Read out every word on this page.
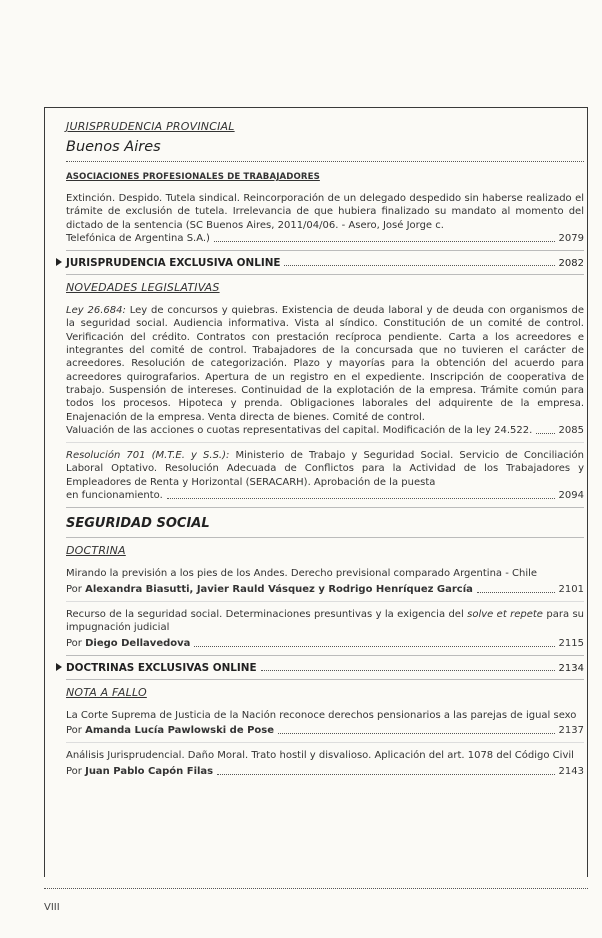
JURISPRUDENCIA PROVINCIAL

Buenos Aires

ASOCIACIONES PROFESIONALES DE TRABAJADORES

Extinción. Despido. Tutela sindical. Reincorporación de un delegado despedido sin haberse realizado el trámite de exclusión de tutela. Irrelevancia de que hubiera finalizado su mandato al momento del dictado de la sentencia (SC Buenos Aires, 2011/04/06. - Asero, José Jorge c.

Telefónica de Argentina S.A.)	2079
JURISPRUDENCIA EXCLUSIVA ONLINE	2082

NOVEDADES LEGISLATIVAS

Ley 26.684: Ley de concursos y quiebras. Existencia de deuda laboral y de deuda con organismos de la seguridad social. Audiencia informativa. Vista al síndico. Constitución de un comité de control. Verificación del crédito. Contratos con prestación recíproca pendiente. Carta a los acreedores e integrantes del comité de control. Trabajadores de la concursada que no tuvieren el carácter de acreedores. Resolución de categorización. Plazo y mayorías para la obtención del acuerdo para acreedores quirografarios. Apertura de un registro en el expediente. Inscripción de cooperativa de trabajo. Suspensión de intereses. Continuidad de la explotación de la empresa. Trámite común para todos los procesos. Hipoteca y prenda. Obligaciones laborales del adquirente de la empresa. Enajenación de la empresa. Venta directa de bienes. Comité de control.

Valuación de las acciones o cuotas representativas del capital. Modificación de la ley 24.522.	2085

Resolución 701 (M.T.E. y S.S.): Ministerio de Trabajo y Seguridad Social. Servicio de Conciliación Laboral Optativo. Resolución Adecuada de Conflictos para la Actividad de los Trabajadores y Empleadores de Renta y Horizontal (SERACARH). Aprobación de la puesta

en funcionamiento.	2094

SEGURIDAD SOCIAL

DOCTRINA

Mirando la previsión a los pies de los Andes. Derecho previsional comparado Argentina - Chile

Por Alexandra Biasutti, Javier Rauld Vásquez y Rodrigo Henríquez García	2101

Recurso de la seguridad social. Determinaciones presuntivas y la exigencia del solve et repete para su impugnación judicial

Por Diego Dellavedova	2115
DOCTRINAS EXCLUSIVAS ONLINE	2134

NOTA A FALLO

La Corte Suprema de Justicia de la Nación reconoce derechos pensionarios a las parejas de igual sexo

Por Amanda Lucía Pawlowski de Pose	2137

Análisis Jurisprudencial. Daño Moral. Trato hostil y disvalioso. Aplicación del art. 1078 del Código Civil

Por Juan Pablo Capón Filas	2143
VIII
